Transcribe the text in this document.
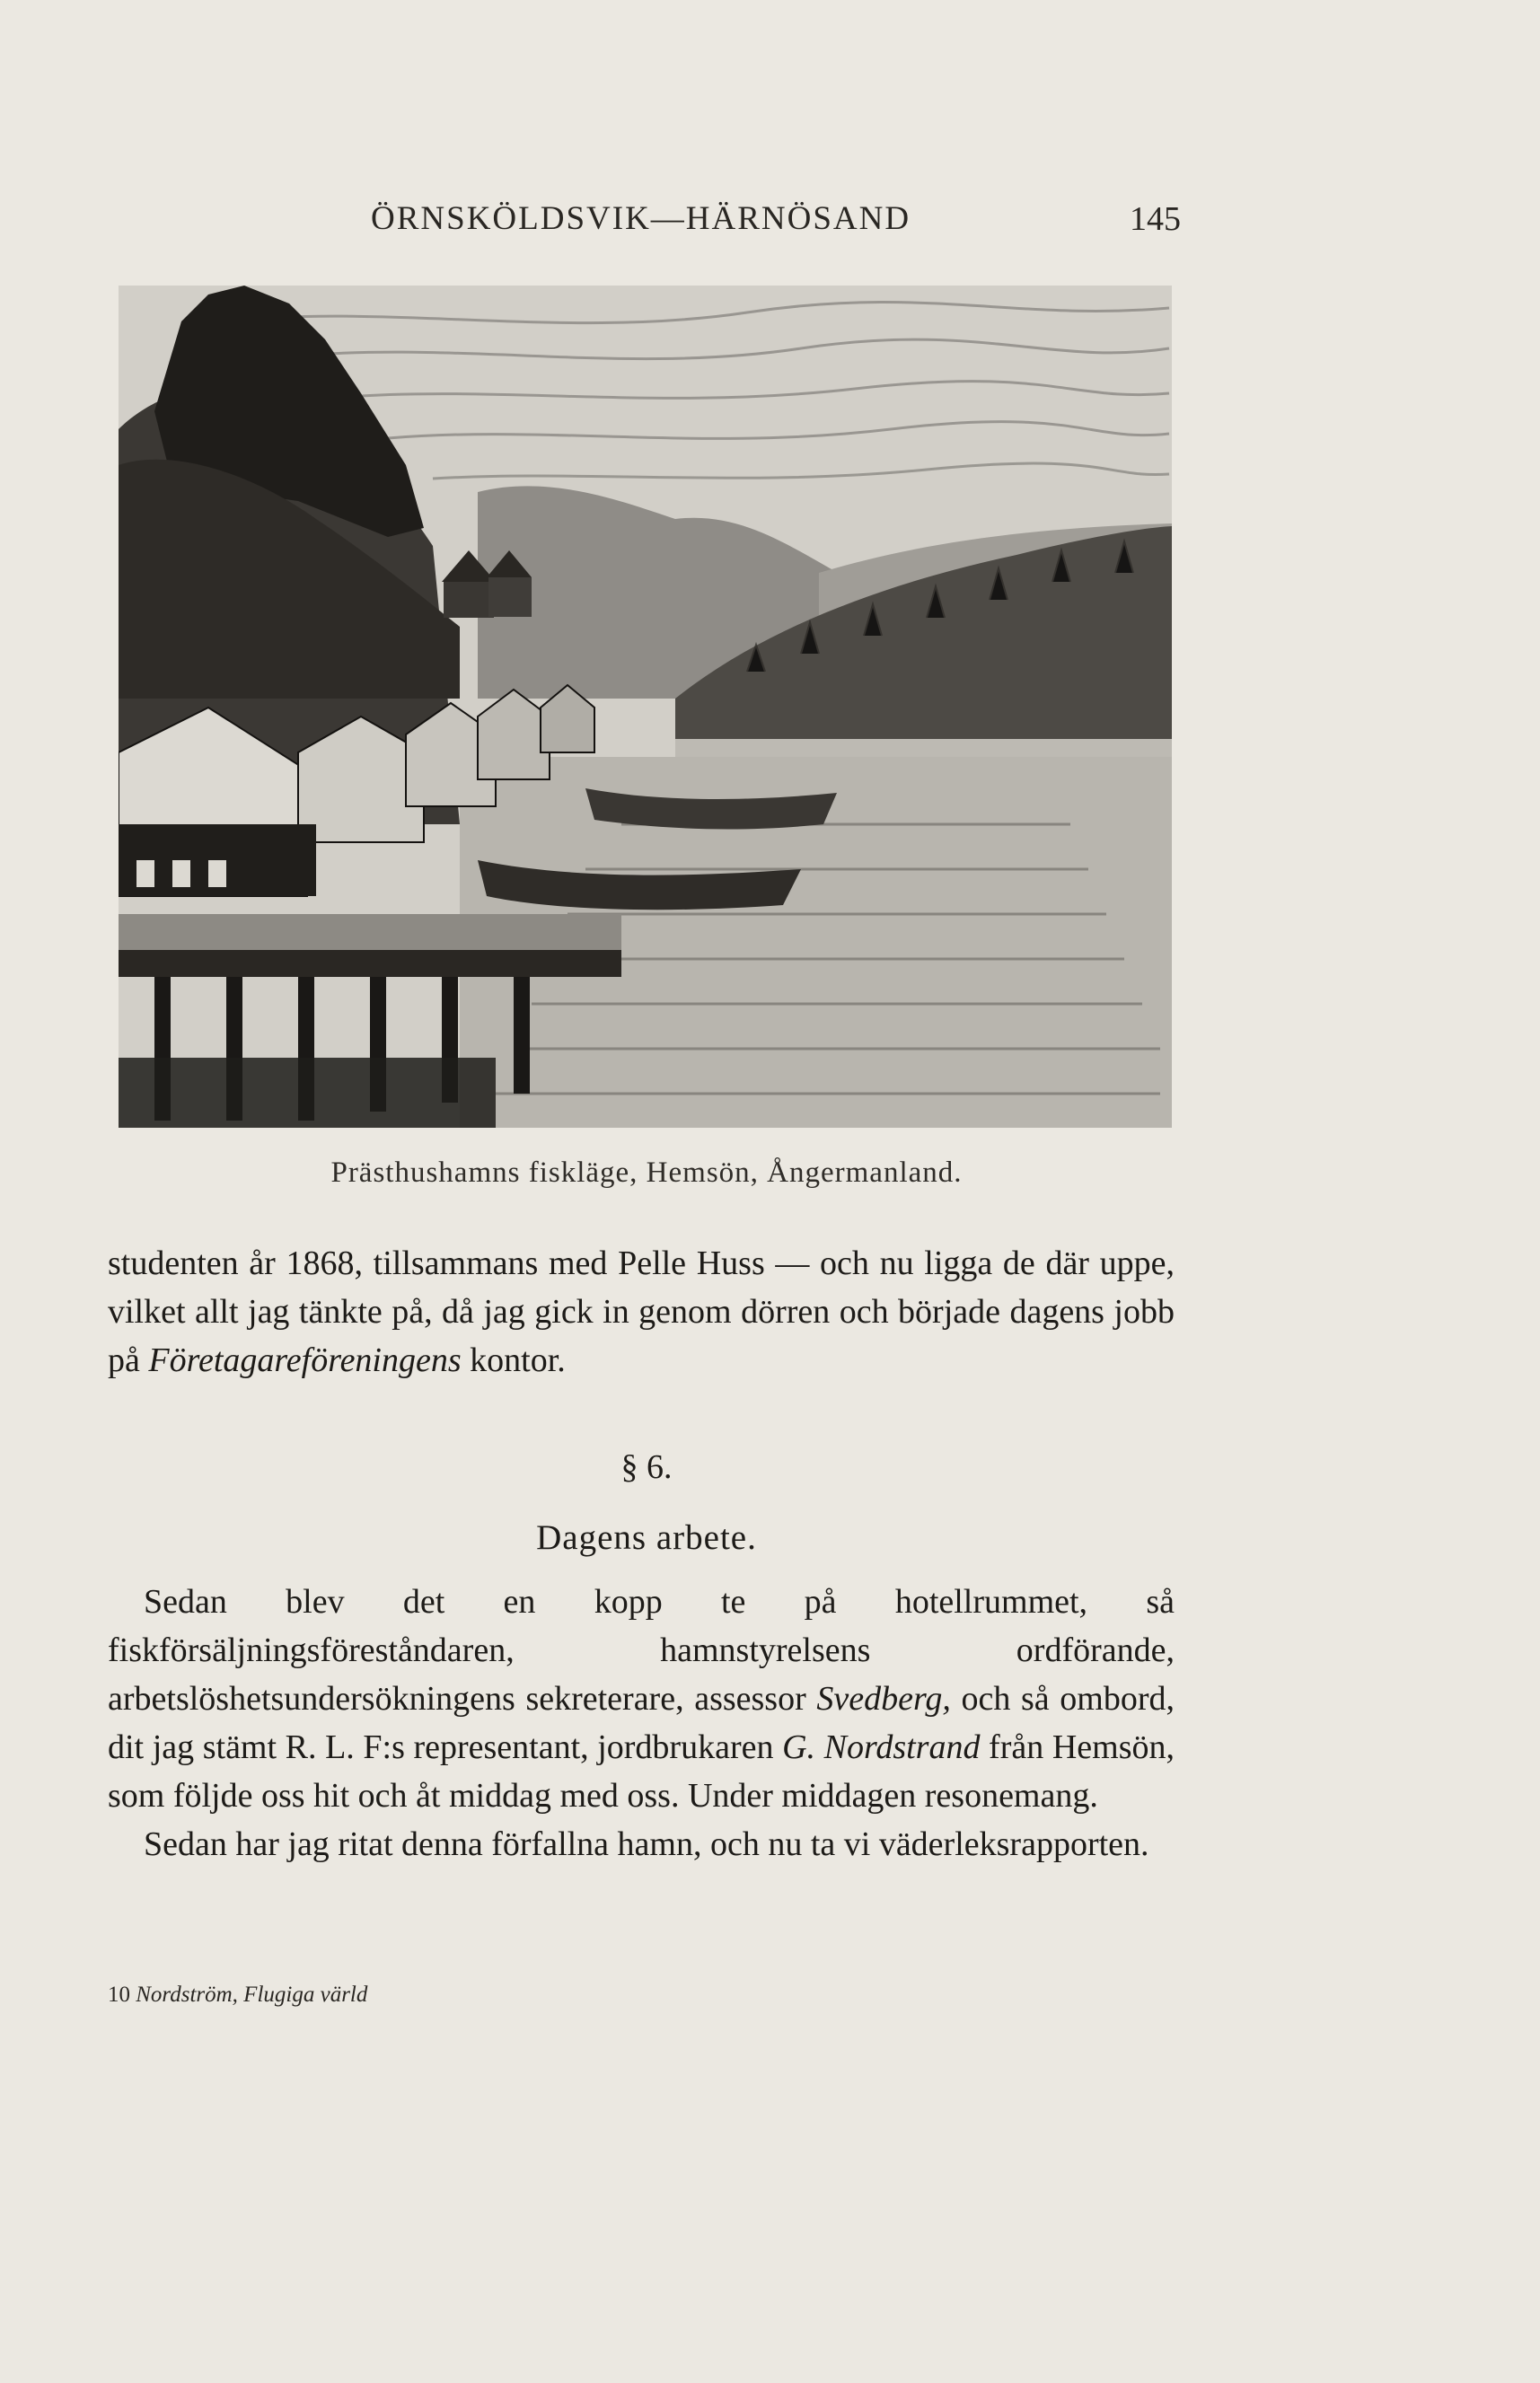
ÖRNSKÖLDSVIK—HÄRNÖSAND	145
Prästhushamns fiskläge, Hemsön, Ångermanland.

studenten år 1868, tillsammans med Pelle Huss — och nu ligga de där uppe, vilket allt jag tänkte på, då jag gick in genom dörren och började dagens jobb på Företagareföreningens kontor.

§ 6.
Dagens arbete.

Sedan blev det en kopp te på hotellrummet, så fiskförsäljningsföreståndaren, hamnstyrelsens ordförande, arbetslöshetsundersökningens sekreterare, assessor Svedberg, och så ombord, dit jag stämt R. L. F:s representant, jordbrukaren G. Nordstrand från Hemsön, som följde oss hit och åt middag med oss. Under middagen resonemang.

Sedan har jag ritat denna förfallna hamn, och nu ta vi väderleksrapporten.

10 Nordström, Flugiga värld
